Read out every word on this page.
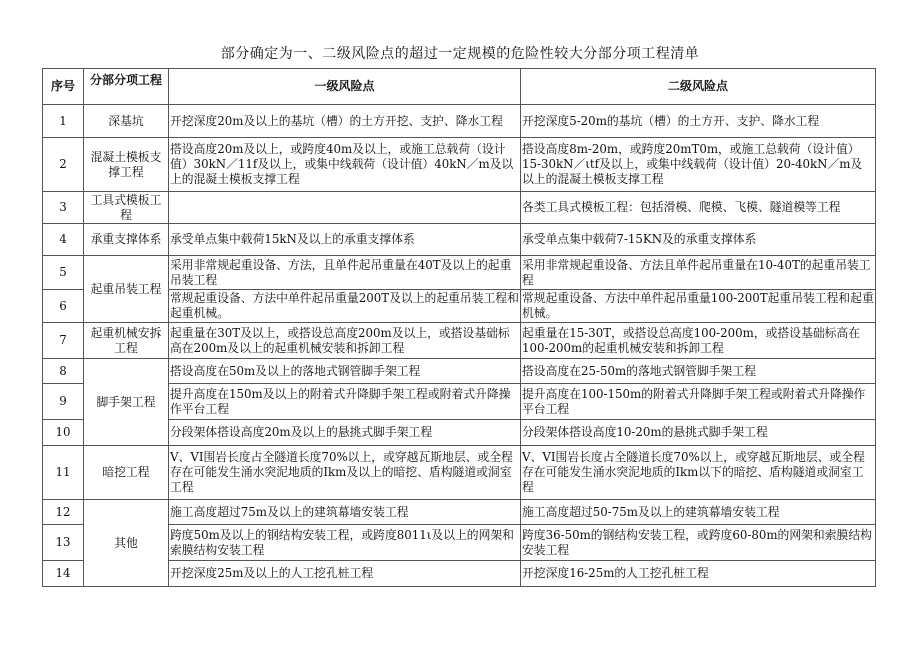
部分确定为一、二级风险点的超过一定规模的危险性较大分部分项工程清单
序号	分部分项工程	一级风险点	二级风险点
1	深基坑	开挖深度20m及以上的基坑（槽）的土方开挖、支护、降水工程	开挖深度5-20m的基坑（槽）的土方开、支护、降水工程
2	混凝土模板支撑工程	搭设高度20m及以上，或跨度40m及以上，或施工总载荷（设计值）30kN／11f及以上，或集中线载荷（设计值）40kN／m及以上的混凝土模板支撑工程	搭设高度8m-20m，或跨度20mT0m，或施工总载荷（设计值）15-30kN／ιtf及以上，或集中线载荷（设计值）20-40kN／m及以上的混凝土模板支撑工程
3	工具式模板工程		各类工具式模板工程：包括滑模、爬模、飞模、隧道模等工程
4	承重支撑体系	承受单点集中载荷15kN及以上的承重支撑体系	承受单点集中载荷7-15KN及的承重支撑体系
5	起重吊装工程	采用非常规起重设备、方法，且单件起吊重量在40T及以上的起重吊装工程	采用非常规起重设备、方法且单件起吊重量在10-40T的起重吊装工程
6		常规起重设备、方法中单件起吊重量200T及以上的起重吊装工程和起重机械。	常规起重设备、方法中单件起吊重量100-200T起重吊装工程和起重机械。
7	起重机械安拆工程	起重量在30T及以上，或搭设总高度200m及以上，或搭设基础标高在200m及以上的起重机械安装和拆卸工程	起重量在15-30T，或搭设总高度100-200m，或搭设基础标高在100-200m的起重机械安装和拆卸工程
8	脚手架工程	搭设高度在50m及以上的落地式钢管脚手架工程	搭设高度在25-50m的落地式钢管脚手架工程
9		提升高度在150m及以上的附着式升降脚手架工程或附着式升降操作平台工程	提升高度在100-150m的附着式升降脚手架工程或附着式升降操作平台工程
10		分段架体搭设高度20m及以上的悬挑式脚手架工程	分段架体搭设高度10-20m的悬挑式脚手架工程
11	暗挖工程	V、VI围岩长度占全隧道长度70%以上，或穿越瓦斯地层、或全程存在可能发生涌水突泥地质的Ikm及以上的暗挖、盾构隧道或洞室工程	V、VI围岩长度占全隧道长度70%以上，或穿越瓦斯地层、或全程存在可能发生涌水突泥地质的Ikm以下的暗挖、盾构隧道或洞室工程
12	其他	施工高度超过75m及以上的建筑幕墙安装工程	施工高度超过50-75m及以上的建筑幕墙安装工程
13		跨度50m及以上的钢结构安装工程，或跨度8011ι及以上的网架和索膜结构安装工程	跨度36-50m的钢结构安装工程，或跨度60-80m的网架和索膜结构安装工程
14		开挖深度25m及以上的人工挖孔桩工程	开挖深度16-25m的人工挖孔桩工程
